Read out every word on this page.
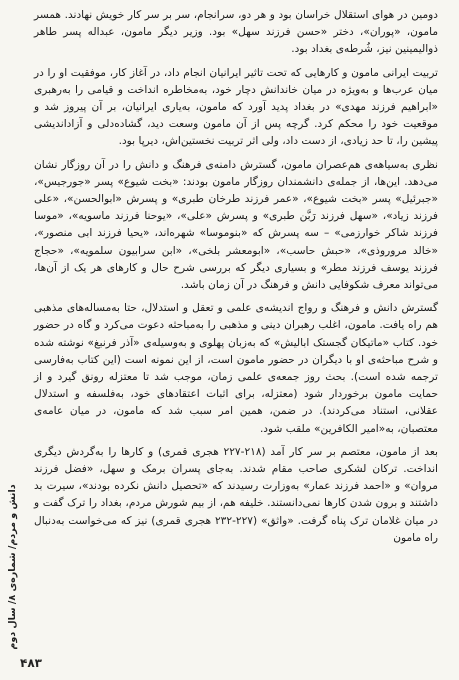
دومین در هوای استقلال خراسان بود و هر دو، سرانجام، سر بر سر کار خویش نهادند. همسر مامون، «پوران»، دختر «حسن فرزند سهل» بود. وزیر دیگر مامون، عبداله پسر طاهر ذوالیمینین نیز، شُرطه‌ی بغداد بود.

تربیت ایرانی مامون و کارهایی که تحت تاثیر ایرانیان انجام داد، در آغاز کار، موفقیت او را در میان عرب‌ها و به‌ویژه در میان خاندانش دچار خود، به‌مخاطره انداخت و قیامی را به‌رهبری «ابراهیم فرزند مهدی» در بغداد پدید آورد که مامون، به‌یاری ایرانیان، بر آن پیروز شد و موقعیت خود را محکم کرد. گرچه پس از آن مامون وسعت دید، گشاده‌دلی و آزاداندیشی پیشین را، تا حد زیادی، از دست داد، ولی اثر تربیت نخستین‌اش، دیرپا بود.

نظری به‌سیاهه‌ی هم‌عصران مامون، گسترش دامنه‌ی فرهنگ و دانش را در آن روزگار نشان می‌دهد. این‌ها، از جمله‌ی دانشمندان روزگار مامون بودند: «بخت شیوع» پسر «جورجیس»، «جبرئیل» پسر «بخت شیوع»، «عمر فرزند طرخان طبری» و پسرش «ابوالحسن»، «علی فرزند زیاد»، «سهل فرزند رَبَّن طبری» و پسرش «علی»، «یوحنا فرزند ماسویه»، «موسا فرزند شاکر خوارزمی» – سه پسرش که «بنوموسا» شهره‌اند، «یحیا فرزند ابی منصور»، «خالد مروروذی»، «حبش حاسب»، «ابومعشر بلخی»، «ابن سرابیون سلمویه»، «حجاج فرزند یوسف فرزند مطر» و بسیاری دیگر که بررسی شرح حال و کارهای هر یک از آن‌ها، می‌تواند معرف شکوفایی دانش و فرهنگ در آن زمان باشد.

گسترش دانش و فرهنگ و رواج اندیشه‌ی علمی و تعقل و استدلال، حتا به‌مساله‌های مذهبی هم راه یافت. مامون، اغلب رهبران دینی و مذهبی را به‌مباحثه دعوت می‌کرد و گاه در حضور خود. کتاب «ماتیکان گجستک ابالیش» که به‌زبان پهلوی و به‌وسیله‌ی «آذر فرنبغ» نوشته شده و شرح مباحثه‌ی او با دیگران در حضور مامون است، از این نمونه است (این کتاب به‌فارسی ترجمه شده است). بحث روز جمعه‌ی علمی زمان، موجب شد تا معتزله رونق گیرد و از حمایت مامون برخوردار شود (معتزله، برای اثبات اعتقادهای خود، به‌فلسفه و استدلال عقلانی، استناد می‌کردند). در ضمن، همین امر سبب شد که مامون، در میان عامه‌ی معتصبان، به‌«امیر الکافرین» ملقب شود.

بعد از مامون، معتصم بر سر کار آمد (۲۱۸-۲۲۷ هجری قمری) و کارها را به‌گردش دیگری انداخت. ترکان لشکری صاحب مقام شدند. به‌جای پسران برمک و سهل، «فضل فرزند مروان» و «احمد فرزند عمار» به‌وزارت رسیدند که «تحصیل دانش نکرده بودند»، سیرت بد داشتند و برون شدن کارها نمی‌دانستند. خلیفه هم، از بیم شورش مردم، بغداد را ترک گفت و در میان غلامان ترک پناه گرفت. «واثق» (۲۲۷-۲۳۲ هجری قمری) نیز که می‌خواست به‌دنبال راه مامون

دانش و مردم/ شماره‌ی ۸/ سال دوم
۴۸۳
